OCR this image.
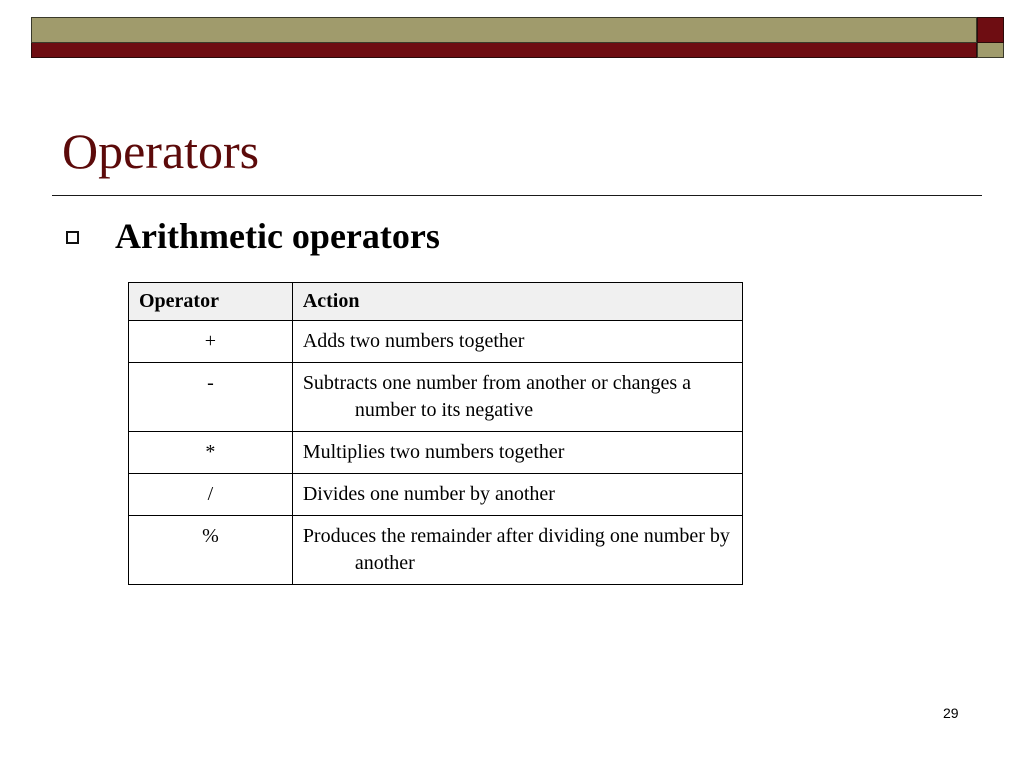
Operators
Arithmetic operators
Operator	Action
+	Adds two numbers together

-	Subtracts one number from another or changes a number to its negative

*	Multiplies two numbers together

/	Divides one number by another

%	Produces the remainder after dividing one number by another
29
